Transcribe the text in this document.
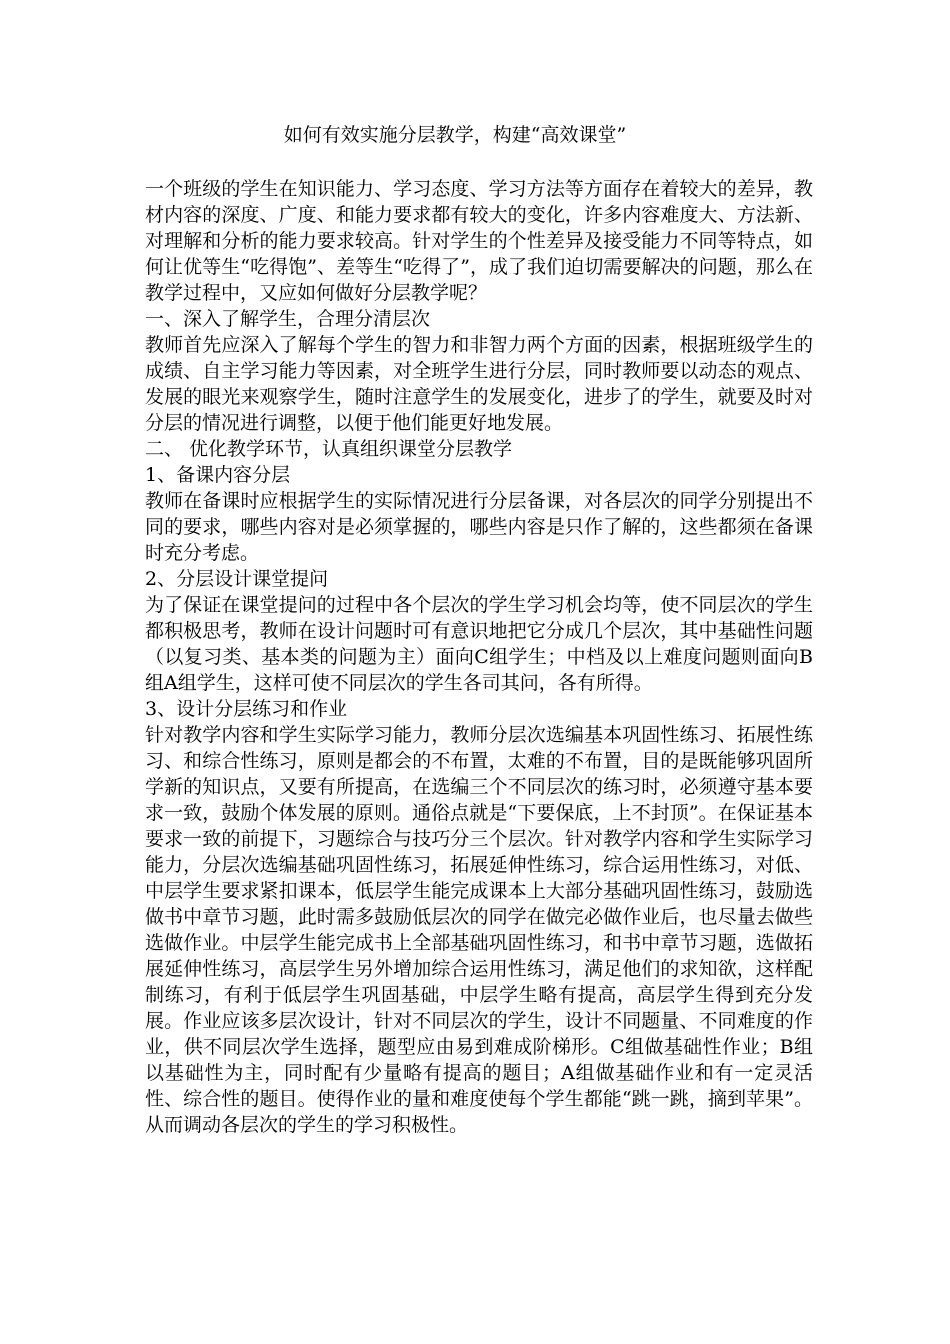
如何有效实施分层教学，构建“高效课堂”

一个班级的学生在知识能力、学习态度、学习方法等方面存在着较大的差异，教材内容的深度、广度、和能力要求都有较大的变化，许多内容难度大、方法新、对理解和分析的能力要求较高。针对学生的个性差异及接受能力不同等特点，如何让优等生“吃得饱”、差等生“吃得了”，成了我们迫切需要解决的问题，那么在教学过程中，又应如何做好分层教学呢？

一、深入了解学生，合理分清层次

教师首先应深入了解每个学生的智力和非智力两个方面的因素，根据班级学生的成绩、自主学习能力等因素，对全班学生进行分层，同时教师要以动态的观点、发展的眼光来观察学生，随时注意学生的发展变化，进步了的学生，就要及时对分层的情况进行调整，以便于他们能更好地发展。

二、 优化教学环节，认真组织课堂分层教学

1、备课内容分层

教师在备课时应根据学生的实际情况进行分层备课，对各层次的同学分别提出不同的要求，哪些内容对是必须掌握的，哪些内容是只作了解的，这些都须在备课时充分考虑。

2、分层设计课堂提问

为了保证在课堂提问的过程中各个层次的学生学习机会均等，使不同层次的学生都积极思考，教师在设计问题时可有意识地把它分成几个层次，其中基础性问题（以复习类、基本类的问题为主）面向C组学生；中档及以上难度问题则面向B组A组学生，这样可使不同层次的学生各司其问，各有所得。

3、设计分层练习和作业

针对教学内容和学生实际学习能力，教师分层次选编基本巩固性练习、拓展性练习、和综合性练习，原则是都会的不布置，太难的不布置，目的是既能够巩固所学新的知识点，又要有所提高，在选编三个不同层次的练习时，必须遵守基本要求一致，鼓励个体发展的原则。通俗点就是“下要保底，上不封顶”。在保证基本要求一致的前提下，习题综合与技巧分三个层次。针对教学内容和学生实际学习能力，分层次选编基础巩固性练习，拓展延伸性练习，综合运用性练习，对低、中层学生要求紧扣课本，低层学生能完成课本上大部分基础巩固性练习，鼓励选做书中章节习题，此时需多鼓励低层次的同学在做完必做作业后，也尽量去做些选做作业。中层学生能完成书上全部基础巩固性练习，和书中章节习题，选做拓展延伸性练习，高层学生另外增加综合运用性练习，满足他们的求知欲，这样配制练习，有利于低层学生巩固基础，中层学生略有提高，高层学生得到充分发展。作业应该多层次设计，针对不同层次的学生，设计不同题量、不同难度的作业，供不同层次学生选择，题型应由易到难成阶梯形。C组做基础性作业；B组以基础性为主，同时配有少量略有提高的题目；A组做基础作业和有一定灵活性、综合性的题目。使得作业的量和难度使每个学生都能“跳一跳，摘到苹果”。从而调动各层次的学生的学习积极性。
